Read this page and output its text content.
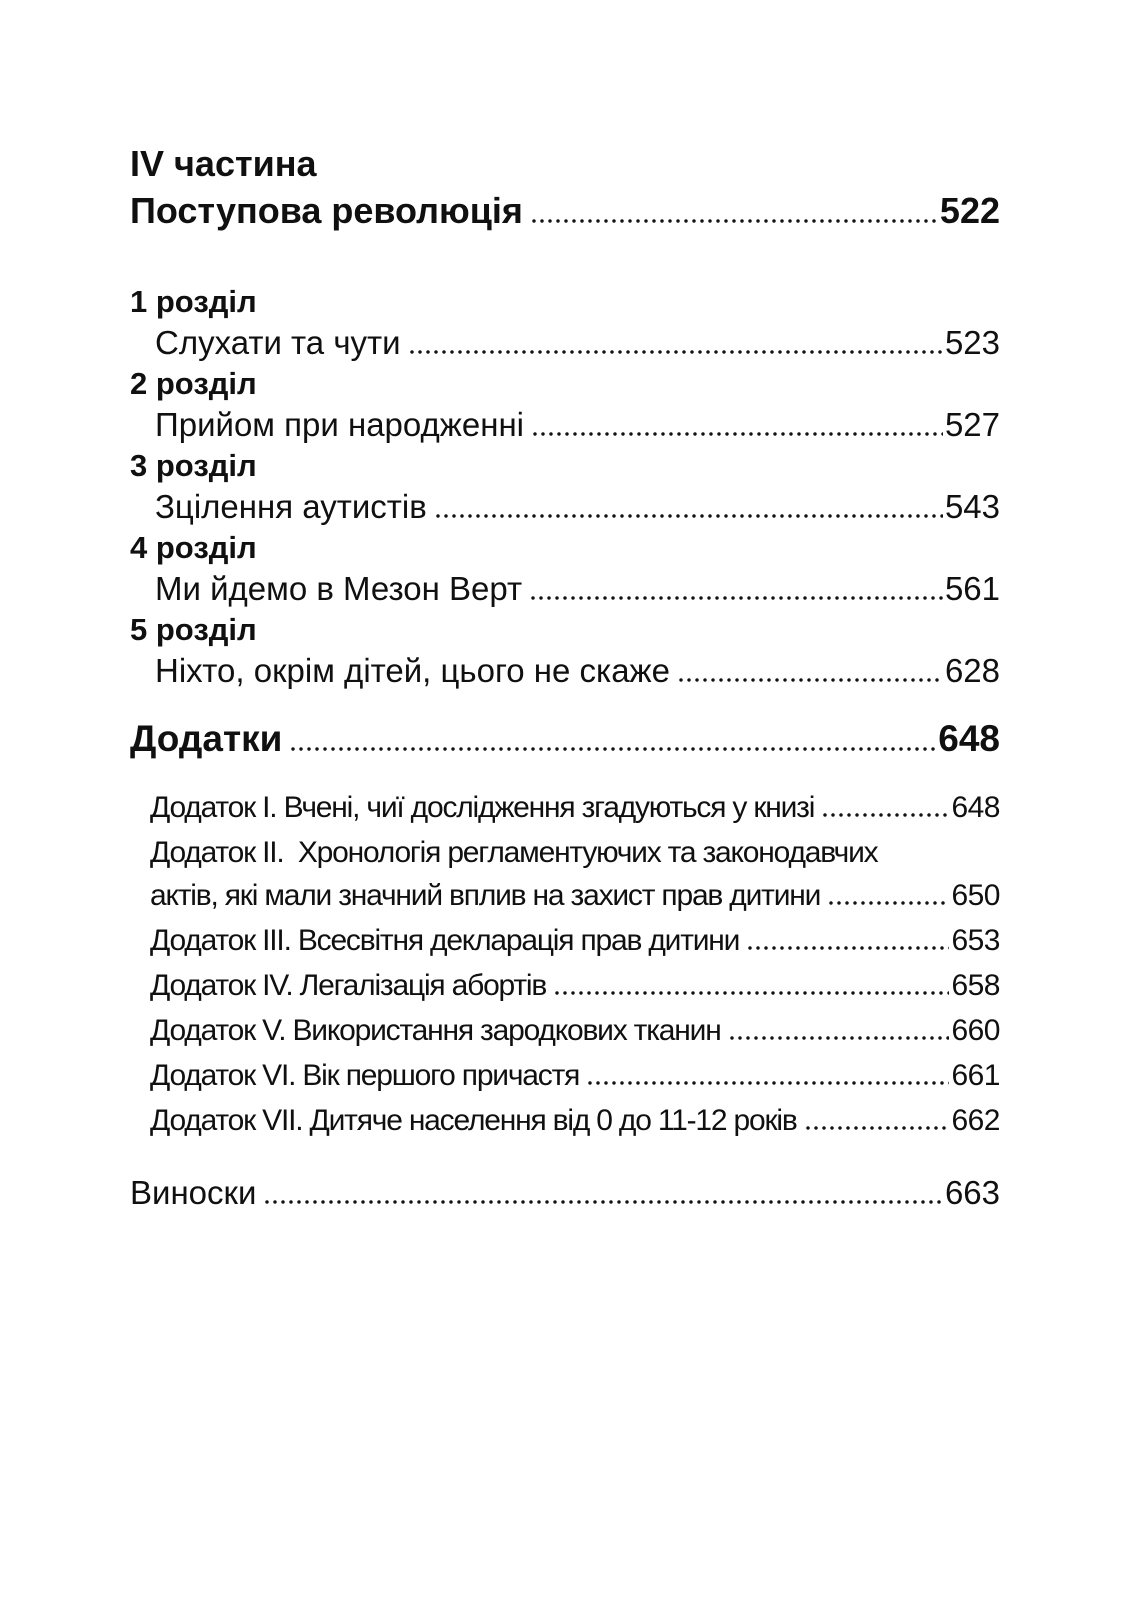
IV частина
Поступова революція	522
1 розділ
Слухати та чути	523
2 розділ
Прийом при народженні	527
3 розділ
Зцілення аутистів	543
4 розділ
Ми йдемо в Мезон Верт	561
5 розділ
Ніхто, окрім дітей, цього не скаже	628
Додатки	648
Додаток I. Вчені, чиї дослідження згадуються у книзі	648
Додаток II.  Хронологія регламентуючих та законодавчих
актів, які мали значний вплив на захист прав дитини	650
Додаток III. Всесвітня декларація прав дитини	653
Додаток IV. Легалізація абортів	658
Додаток V. Використання зародкових тканин	660
Додаток VI. Вік першого причастя	661
Додаток VII. Дитяче населення від 0 до 11-12 років	662
Виноски	663
